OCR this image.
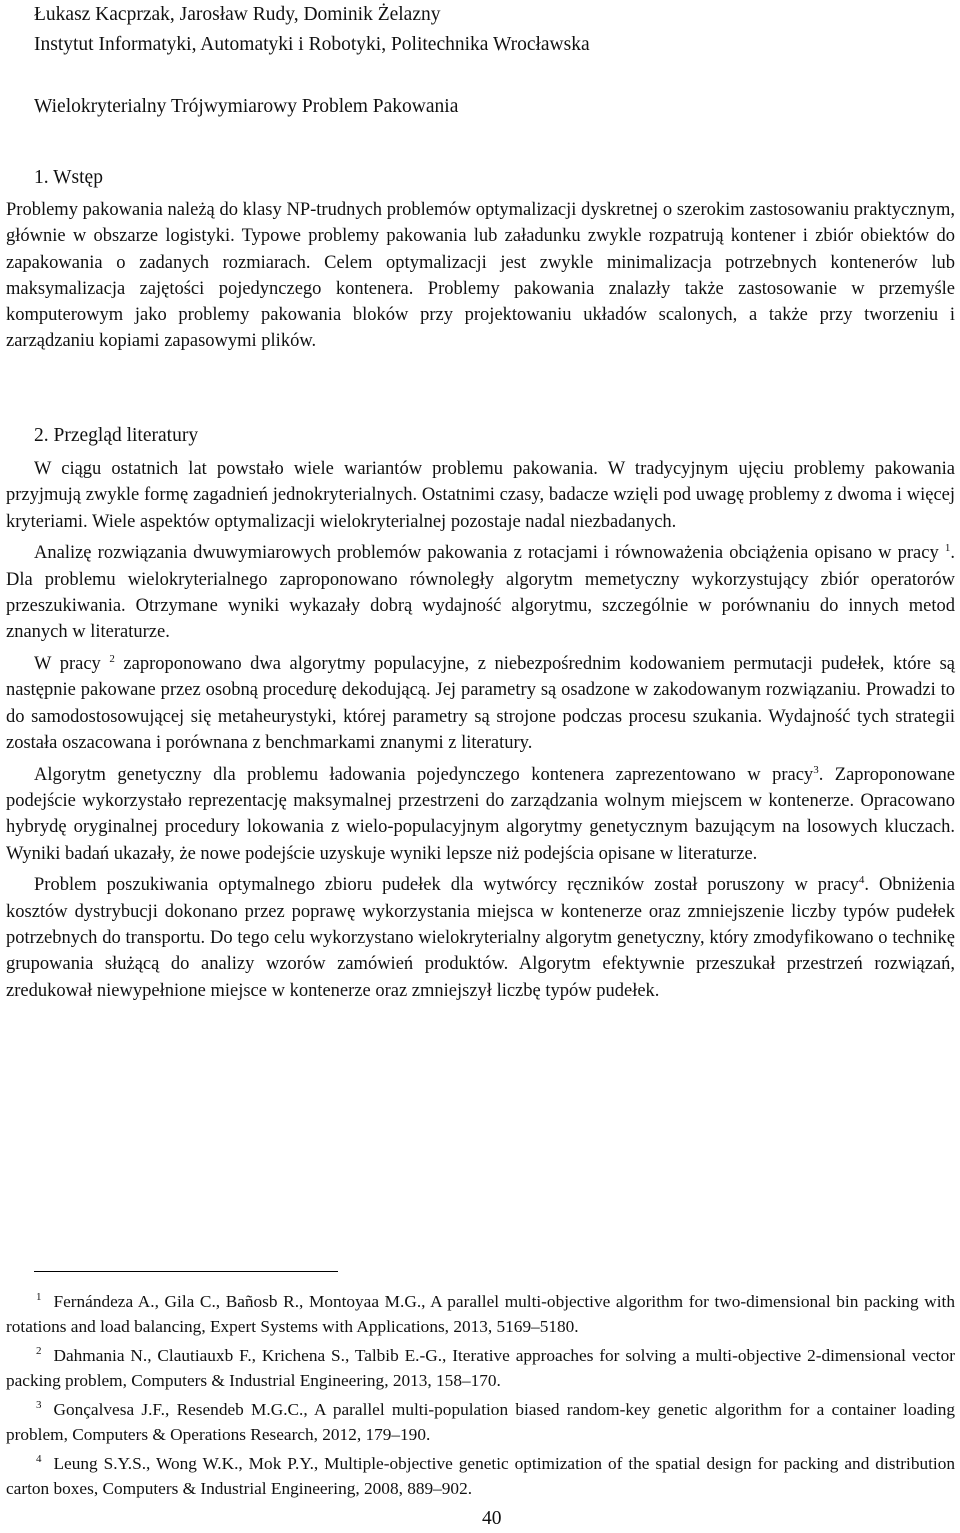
Łukasz Kacprzak, Jarosław Rudy, Dominik Żelazny
Instytut Informatyki, Automatyki i Robotyki, Politechnika Wrocławska
Wielokryterialny Trójwymiarowy Problem Pakowania
1. Wstęp

Problemy pakowania należą do klasy NP-trudnych problemów optymalizacji dyskretnej o szerokim zastosowaniu praktycznym, głównie w obszarze logistyki. Typowe problemy pakowania lub załadunku zwykle rozpatrują kontener i zbiór obiektów do zapakowania o zadanych rozmiarach. Celem optymalizacji jest zwykle minimalizacja potrzebnych kontenerów lub maksymalizacja zajętości pojedynczego kontenera. Problemy pakowania znalazły także zastosowanie w przemyśle komputerowym jako problemy pakowania bloków przy projektowaniu układów scalonych, a także przy tworzeniu i zarządzaniu kopiami zapasowymi plików.

2. Przegląd literatury

W ciągu ostatnich lat powstało wiele wariantów problemu pakowania. W tradycyjnym ujęciu problemy pakowania przyjmują zwykle formę zagadnień jednokryterialnych. Ostatnimi czasy, badacze wzięli pod uwagę problemy z dwoma i więcej kryteriami. Wiele aspektów optymalizacji wielokryterialnej pozostaje nadal niezbadanych.

Analizę rozwiązania dwuwymiarowych problemów pakowania z rotacjami i równoważenia obciążenia opisano w pracy $^1$. Dla problemu wielokryterialnego zaproponowano równoległy algorytm memetyczny wykorzystujący zbiór operatorów przeszukiwania. Otrzymane wyniki wykazały dobrą wydajność algorytmu, szczególnie w porównaniu do innych metod znanych w literaturze.

W pracy $^2$ zaproponowano dwa algorytmy populacyjne, z niebezpośrednim kodowaniem permutacji pudełek, które są następnie pakowane przez osobną procedurę dekodującą. Jej parametry są osadzone w zakodowanym rozwiązaniu. Prowadzi to do samodostosowującej się metaheurystyki, której parametry są strojone podczas procesu szukania. Wydajność tych strategii została oszacowana i porównana z benchmarkami znanymi z literatury.

Algorytm genetyczny dla problemu ładowania pojedynczego kontenera zaprezentowano w pracy$^3$. Zaproponowane podejście wykorzystało reprezentację maksymalnej przestrzeni do zarządzania wolnym miejscem w kontenerze. Opracowano hybrydę oryginalnej procedury lokowania z wielo-populacyjnym algorytmy genetycznym bazującym na losowych kluczach. Wyniki badań ukazały, że nowe podejście uzyskuje wyniki lepsze niż podejścia opisane w literaturze.

Problem poszukiwania optymalnego zbioru pudełek dla wytwórcy ręczników został poruszony w pracy$^4$. Obniżenia kosztów dystrybucji dokonano przez poprawę wykorzystania miejsca w kontenerze oraz zmniejszenie liczby typów pudełek potrzebnych do transportu. Do tego celu wykorzystano wielokryterialny algorytm genetyczny, który zmodyfikowano o technikę grupowania służącą do analizy wzorów zamówień produktów. Algorytm efektywnie przeszukał przestrzeń rozwiązań, zredukował niewypełnione miejsce w kontenerze oraz zmniejszył liczbę typów pudełek.

$^1$ Fernándeza A., Gila C., Bañosb R., Montoyaa M.G., A parallel multi-objective algorithm for two-dimensional bin packing with rotations and load balancing, Expert Systems with Applications, 2013, 5169–5180.
$^2$ Dahmania N., Clautiauxb F., Krichena S., Talbib E.-G., Iterative approaches for solving a multi-objective 2-dimensional vector packing problem, Computers & Industrial Engineering, 2013, 158–170.
$^3$ Gonçalvesa J.F., Resendeb M.G.C., A parallel multi-population biased random-key genetic algorithm for a container loading problem, Computers & Operations Research, 2012, 179–190.
$^4$ Leung S.Y.S., Wong W.K., Mok P.Y., Multiple-objective genetic optimization of the spatial design for packing and distribution carton boxes, Computers & Industrial Engineering, 2008, 889–902.
40
